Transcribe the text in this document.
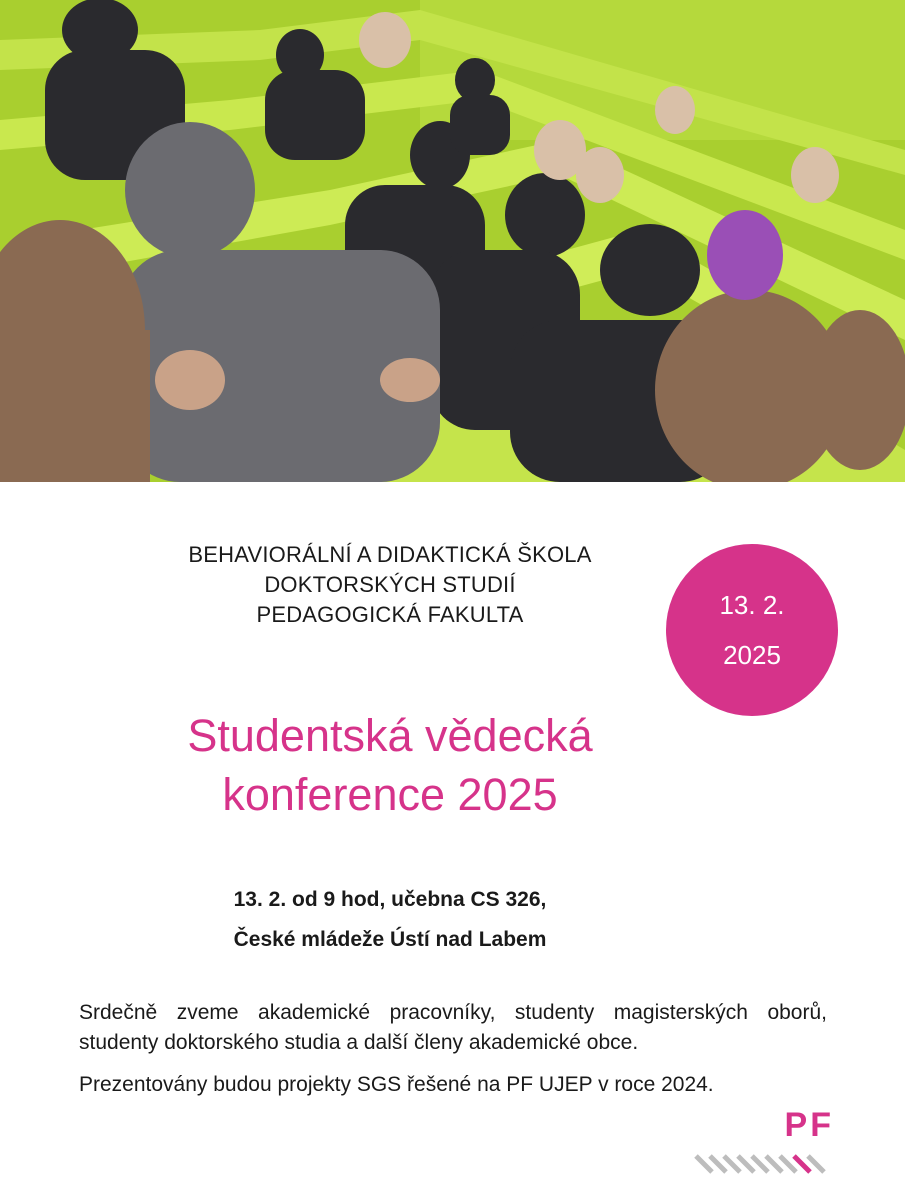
BEHAVIORÁLNÍ A DIDAKTICKÁ ŠKOLA
DOKTORSKÝCH STUDIÍ
PEDAGOGICKÁ FAKULTA	13. 2.
2025
Studentská vědecká
konference 2025
13. 2. od 9 hod, učebna CS 326,
České mládeže Ústí nad Labem

Srdečně zveme akademické pracovníky, studenty magisterských oborů, studenty doktorského studia a další členy akademické obce.

Prezentovány budou projekty SGS řešené na PF UJEP v roce 2024.

PF
